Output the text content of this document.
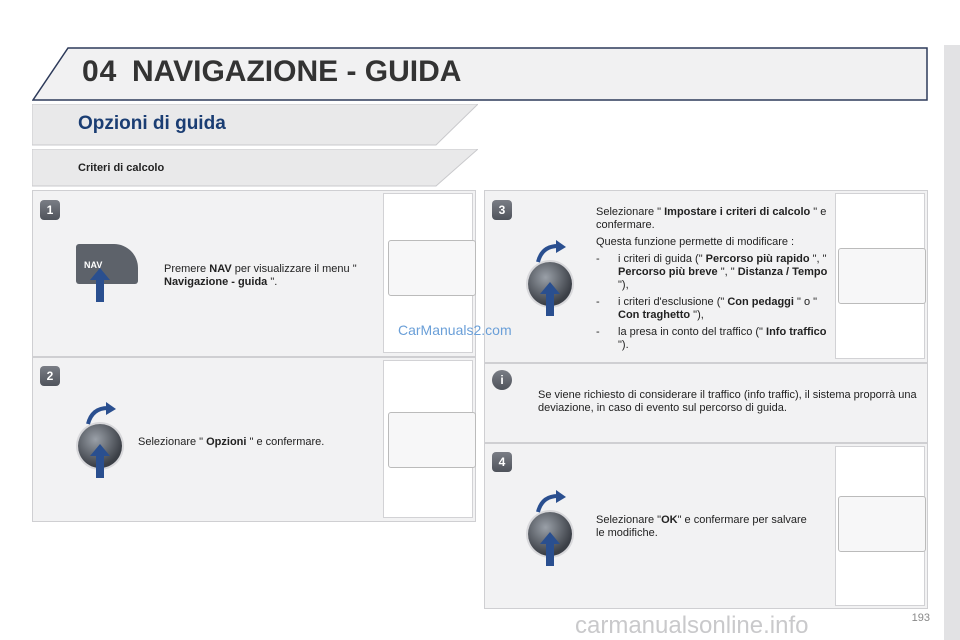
04 NAVIGAZIONE - GUIDA
Opzioni di guida
Criteri di calcolo
1
NAV	Premere NAV per visualizzare il menu " Navigazione - guida ".
2
Selezionare " Opzioni " e confermare.
3	Selezionare " Impostare i criteri di calcolo " e confermare.
Questa funzione permette di modificare :
- i criteri di guida (" Percorso più rapido ", " Percorso più breve ", " Distanza / Tempo "),
- i criteri d'esclusione (" Con pedaggi " o " Con traghetto "),
- la presa in conto del traffico (" Info traffico ").
i
Se viene richiesto di considerare il traffico (info traffic), il sistema proporrà una deviazione, in caso di evento sul percorso di guida.
4
Selezionare "OK" e confermare per salvare le modifiche.
CarManuals2.com
carmanualsonline.info	193
